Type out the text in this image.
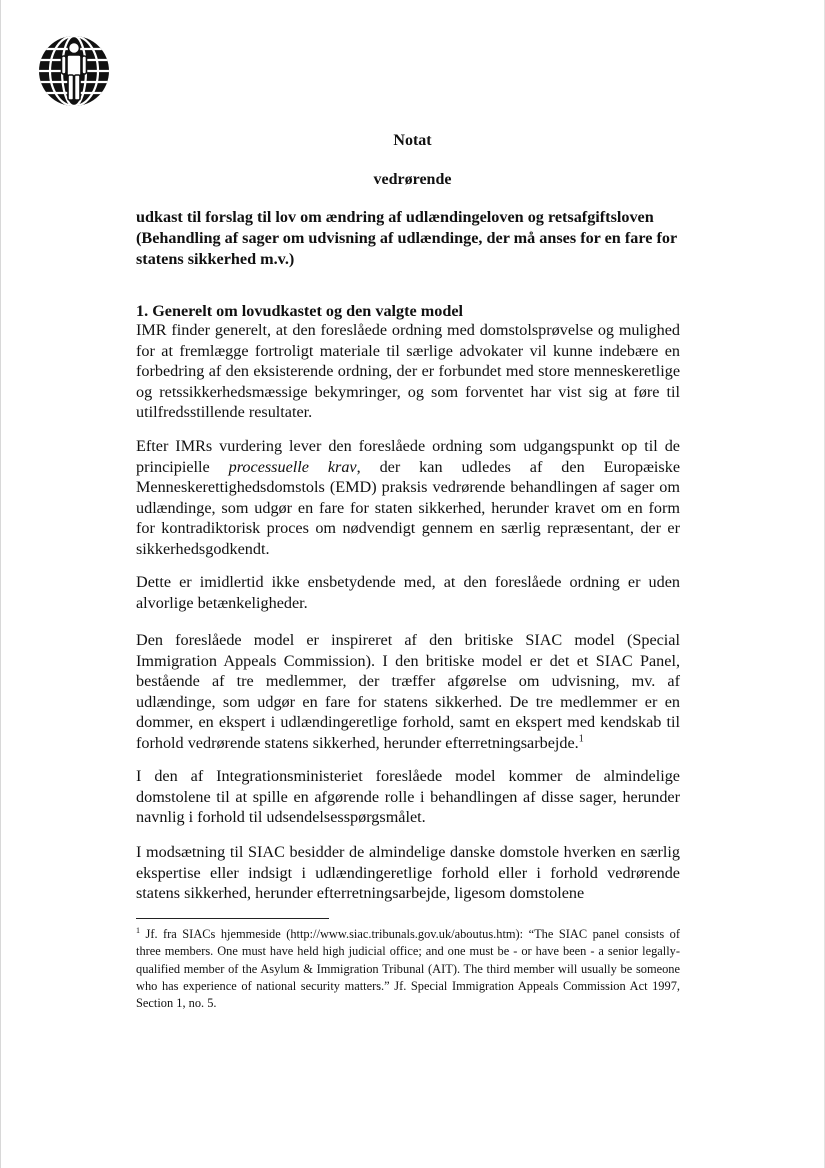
Notat
vedrørende
udkast til forslag til lov om ændring af udlændingeloven og retsafgiftsloven (Behandling af sager om udvisning af udlændinge, der må anses for en fare for statens sikkerhed m.v.)
1. Generelt om lovudkastet og den valgte model
IMR finder generelt, at den foreslåede ordning med domstolsprøvelse og mulighed for at fremlægge fortroligt materiale til særlige advokater vil kunne indebære en forbedring af den eksisterende ordning, der er forbundet med store menneskeretlige og retssikkerhedsmæssige bekymringer, og som forventet har vist sig at føre til utilfredsstillende resultater.
Efter IMRs vurdering lever den foreslåede ordning som udgangspunkt op til de principielle processuelle krav, der kan udledes af den Europæiske Menneskerettighedsdomstols (EMD) praksis vedrørende behandlingen af sager om udlændinge, som udgør en fare for staten sikkerhed, herunder kravet om en form for kontradiktorisk proces om nødvendigt gennem en særlig repræsentant, der er sikkerhedsgodkendt.
Dette er imidlertid ikke ensbetydende med, at den foreslåede ordning er uden alvorlige betænkeligheder.
Den foreslåede model er inspireret af den britiske SIAC model (Special Immigration Appeals Commission). I den britiske model er det et SIAC Panel, bestående af tre medlemmer, der træffer afgørelse om udvisning, mv. af udlændinge, som udgør en fare for statens sikkerhed. De tre medlemmer er en dommer, en ekspert i udlændingeretlige forhold, samt en ekspert med kendskab til forhold vedrørende statens sikkerhed, herunder efterretningsarbejde.$^1$
I den af Integrationsministeriet foreslåede model kommer de almindelige domstolene til at spille en afgørende rolle i behandlingen af disse sager, herunder navnlig i forhold til udsendelsesspørgsmålet.
I modsætning til SIAC besidder de almindelige danske domstole hverken en særlig ekspertise eller indsigt i udlændingeretlige forhold eller i forhold vedrørende statens sikkerhed, herunder efterretningsarbejde, ligesom domstolene
$^1$ Jf. fra SIACs hjemmeside (http://www.siac.tribunals.gov.uk/aboutus.htm): “The SIAC panel consists of three members. One must have held high judicial office; and one must be - or have been - a senior legally-qualified member of the Asylum & Immigration Tribunal (AIT). The third member will usually be someone who has experience of national security matters.” Jf. Special Immigration Appeals Commission Act 1997, Section 1, no. 5.
